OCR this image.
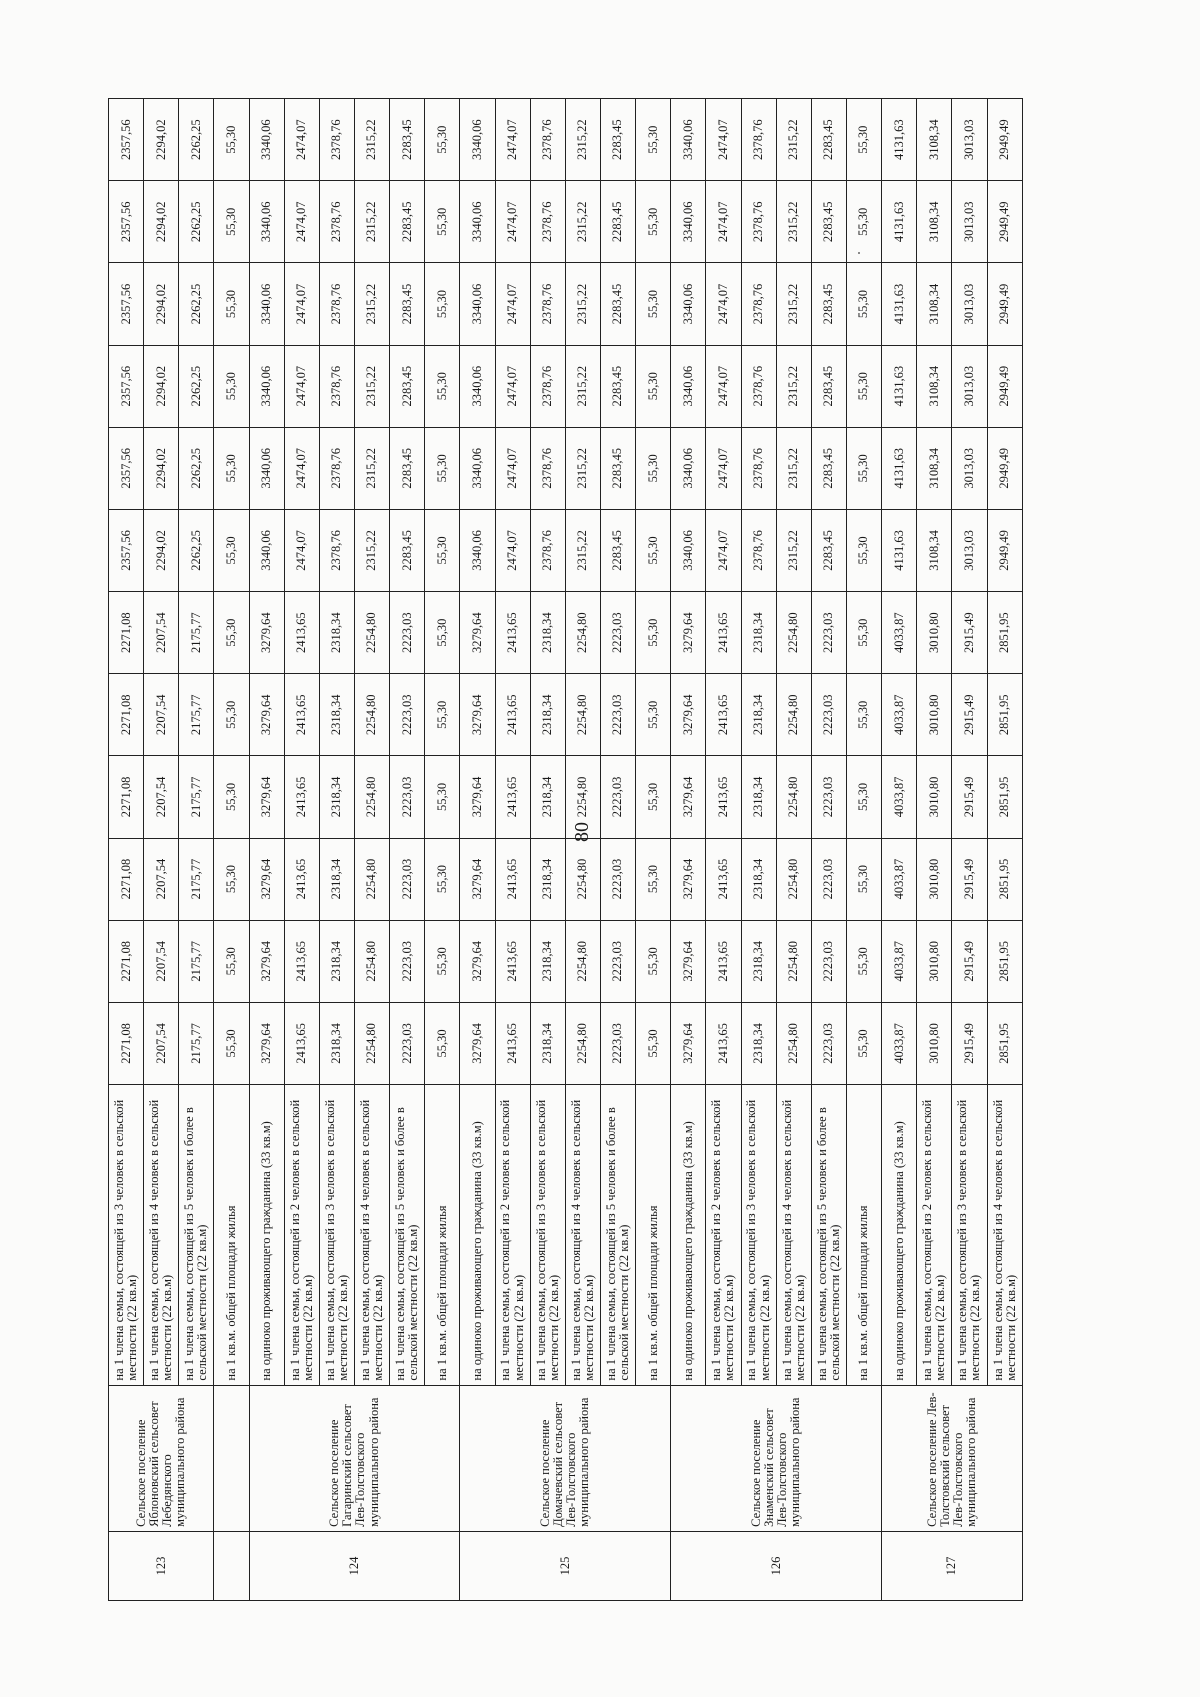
123	Сельское поселение Яблоновский сельсовет Лебедянского муниципального района	на 1 члена семьи, состоящей из 3 человек в сельской местности (22 кв.м)	2271,08	2271,08	2271,08	2271,08	2271,08	2271,08	2357,56	2357,56	2357,56	2357,56	2357,56	2357,56
		на 1 члена семьи, состоящей из 4 человек в сельской местности (22 кв.м)	2207,54	2207,54	2207,54	2207,54	2207,54	2207,54	2294,02	2294,02	2294,02	2294,02	2294,02	2294,02
		на 1 члена семьи, состоящей из 5 человек и более в сельской местности (22 кв.м)	2175,77	2175,77	2175,77	2175,77	2175,77	2175,77	2262,25	2262,25	2262,25	2262,25	2262,25	2262,25
		на 1 кв.м. общей площади жилья	55,30	55,30	55,30	55,30	55,30	55,30	55,30	55,30	55,30	55,30	55,30	55,30
124	Сельское поселение Гагаринский сельсовет Лев-Толстовского муниципального района	на одиноко проживающего гражданина (33 кв.м)	3279,64	3279,64	3279,64	3279,64	3279,64	3279,64	3340,06	3340,06	3340,06	3340,06	3340,06	3340,06
		на 1 члена семьи, состоящей из 2 человек в сельской местности (22 кв.м)	2413,65	2413,65	2413,65	2413,65	2413,65	2413,65	2474,07	2474,07	2474,07	2474,07	2474,07	2474,07
		на 1 члена семьи, состоящей из 3 человек в сельской местности (22 кв.м)	2318,34	2318,34	2318,34	2318,34	2318,34	2318,34	2378,76	2378,76	2378,76	2378,76	2378,76	2378,76
		на 1 члена семьи, состоящей из 4 человек в сельской местности (22 кв.м)	2254,80	2254,80	2254,80	2254,80	2254,80	2254,80	2315,22	2315,22	2315,22	2315,22	2315,22	2315,22
		на 1 члена семьи, состоящей из 5 человек и более в сельской местности (22 кв.м)	2223,03	2223,03	2223,03	2223,03	2223,03	2223,03	2283,45	2283,45	2283,45	2283,45	2283,45	2283,45
		на 1 кв.м. общей площади жилья	55,30	55,30	55,30	55,30	55,30	55,30	55,30	55,30	55,30	55,30	55,30	55,30
125	Сельское поселение Домачевский сельсовет Лев-Толстовского муниципального района	на одиноко проживающего гражданина (33 кв.м)	3279,64	3279,64	3279,64	3279,64	3279,64	3279,64	3340,06	3340,06	3340,06	3340,06	3340,06	3340,06
		на 1 члена семьи, состоящей из 2 человек в сельской местности (22 кв.м)	2413,65	2413,65	2413,65	2413,65	2413,65	2413,65	2474,07	2474,07	2474,07	2474,07	2474,07	2474,07
		на 1 члена семьи, состоящей из 3 человек в сельской местности (22 кв.м)	2318,34	2318,34	2318,34	2318,34	2318,34	2318,34	2378,76	2378,76	2378,76	2378,76	2378,76	2378,76
		на 1 члена семьи, состоящей из 4 человек в сельской местности (22 кв.м)	2254,80	2254,80	2254,80	2254,80	2254,80	2254,80	2315,22	2315,22	2315,22	2315,22	2315,22	2315,22
		на 1 члена семьи, состоящей из 5 человек и более в сельской местности (22 кв.м)	2223,03	2223,03	2223,03	2223,03	2223,03	2223,03	2283,45	2283,45	2283,45	2283,45	2283,45	2283,45
		на 1 кв.м. общей площади жилья	55,30	55,30	55,30	55,30	55,30	55,30	55,30	55,30	55,30	55,30	55,30	55,30
126	Сельское поселение Знаменский сельсовет Лев-Толстовского муниципального района	на одиноко проживающего гражданина (33 кв.м)	3279,64	3279,64	3279,64	3279,64	3279,64	3279,64	3340,06	3340,06	3340,06	3340,06	3340,06	3340,06
		на 1 члена семьи, состоящей из 2 человек в сельской местности (22 кв.м)	2413,65	2413,65	2413,65	2413,65	2413,65	2413,65	2474,07	2474,07	2474,07	2474,07	2474,07	2474,07
		на 1 члена семьи, состоящей из 3 человек в сельской местности (22 кв.м)	2318,34	2318,34	2318,34	2318,34	2318,34	2318,34	2378,76	2378,76	2378,76	2378,76	2378,76	2378,76
		на 1 члена семьи, состоящей из 4 человек в сельской местности (22 кв.м)	2254,80	2254,80	2254,80	2254,80	2254,80	2254,80	2315,22	2315,22	2315,22	2315,22	2315,22	2315,22
		на 1 члена семьи, состоящей из 5 человек и более в сельской местности (22 кв.м)	2223,03	2223,03	2223,03	2223,03	2223,03	2223,03	2283,45	2283,45	2283,45	2283,45	2283,45	2283,45
		на 1 кв.м. общей площади жилья	55,30	55,30	55,30	55,30	55,30	55,30	55,30	55,30	55,30	55,30	55,30	55,30
127	Сельское поселение Лев-Толстовский сельсовет Лев-Толстовского муниципального района	на одиноко проживающего гражданина (33 кв.м)	4033,87	4033,87	4033,87	4033,87	4033,87	4033,87	4131,63	4131,63	4131,63	4131,63	4131,63	4131,63
		на 1 члена семьи, состоящей из 2 человек в сельской местности (22 кв.м)	3010,80	3010,80	3010,80	3010,80	3010,80	3010,80	3108,34	3108,34	3108,34	3108,34	3108,34	3108,34
		на 1 члена семьи, состоящей из 3 человек в сельской местности (22 кв.м)	2915,49	2915,49	2915,49	2915,49	2915,49	2915,49	3013,03	3013,03	3013,03	3013,03	3013,03	3013,03
		на 1 члена семьи, состоящей из 4 человек в сельской местности (22 кв.м)	2851,95	2851,95	2851,95	2851,95	2851,95	2851,95	2949,49	2949,49	2949,49	2949,49	2949,49	2949,49
80
